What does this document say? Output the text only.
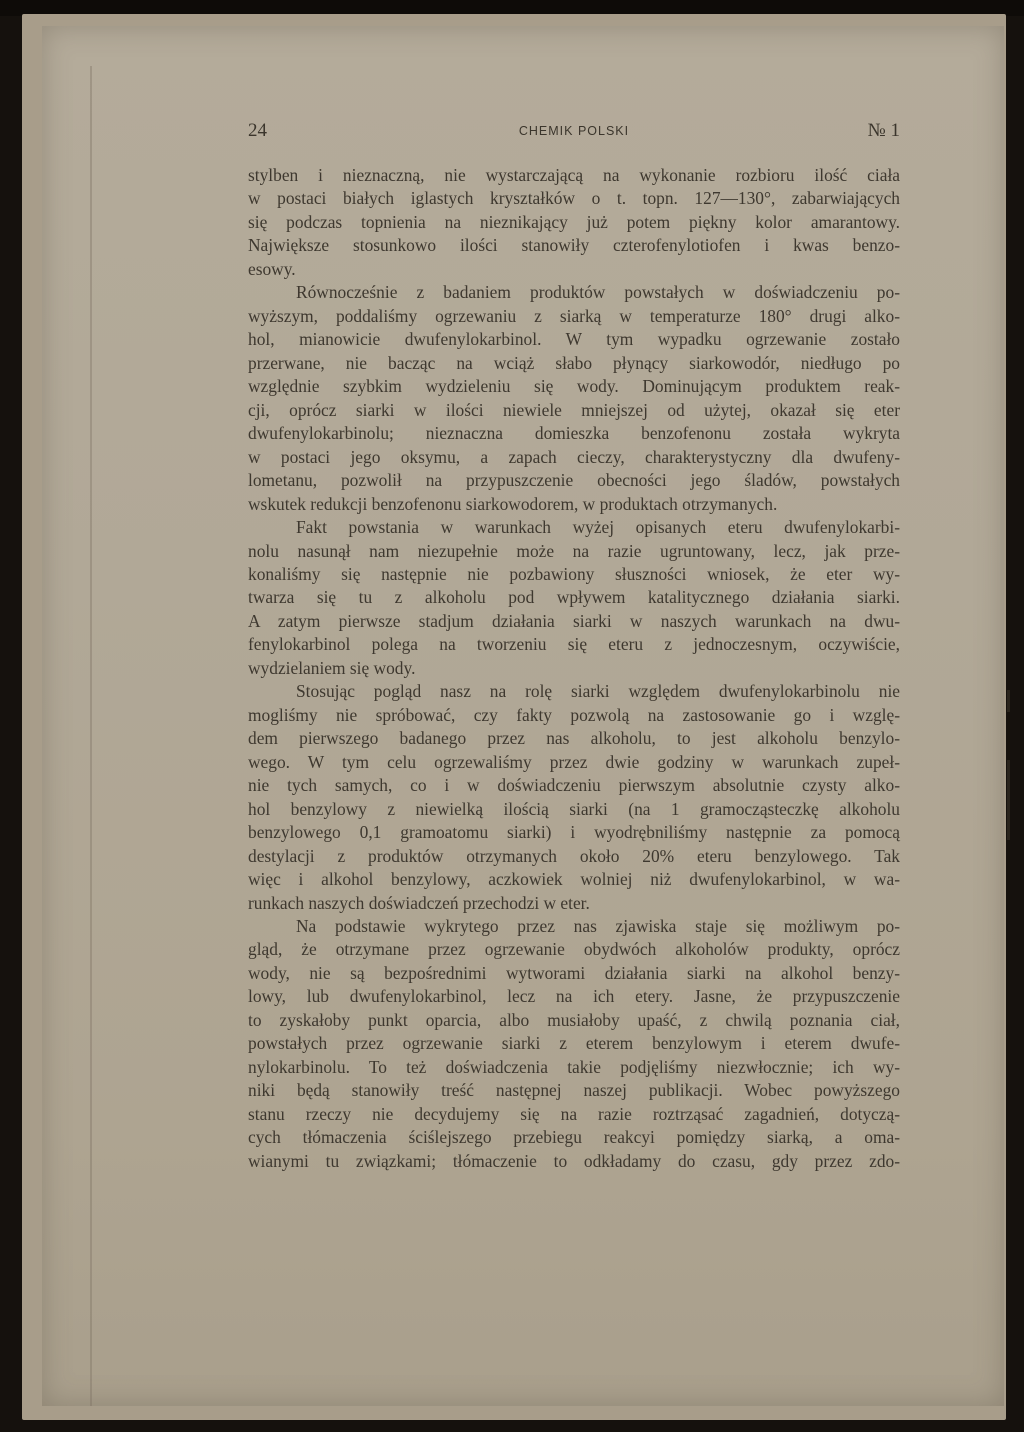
24	CHEMIK POLSKI	№ 1
stylben i nieznaczną, nie wystarczającą na wykonanie rozbioru ilość ciała
w postaci białych iglastych kryształków o t. topn. 127—130°, zabarwiających
się podczas topnienia na nieznikający już potem piękny kolor amarantowy.
Największe stosunkowo ilości stanowiły czterofenylotiofen i kwas benzo-
esowy.
Równocześnie z badaniem produktów powstałych w doświadczeniu po-
wyższym, poddaliśmy ogrzewaniu z siarką w temperaturze 180° drugi alko-
hol, mianowicie dwufenylokarbinol. W tym wypadku ogrzewanie zostało
przerwane, nie bacząc na wciąż słabo płynący siarkowodór, niedługo po
względnie szybkim wydzieleniu się wody. Dominującym produktem reak-
cji, oprócz siarki w ilości niewiele mniejszej od użytej, okazał się eter
dwufenylokarbinolu; nieznaczna domieszka benzofenonu została wykryta
w postaci jego oksymu, a zapach cieczy, charakterystyczny dla dwufeny-
lometanu, pozwolił na przypuszczenie obecności jego śladów, powstałych
wskutek redukcji benzofenonu siarkowodorem, w produktach otrzymanych.
Fakt powstania w warunkach wyżej opisanych eteru dwufenylokarbi-
nolu nasunął nam niezupełnie może na razie ugruntowany, lecz, jak prze-
konaliśmy się następnie nie pozbawiony słuszności wniosek, że eter wy-
twarza się tu z alkoholu pod wpływem katalitycznego działania siarki.
A zatym pierwsze stadjum działania siarki w naszych warunkach na dwu-
fenylokarbinol polega na tworzeniu się eteru z jednoczesnym, oczywiście,
wydzielaniem się wody.
Stosując pogląd nasz na rolę siarki względem dwufenylokarbinolu nie
mogliśmy nie spróbować, czy fakty pozwolą na zastosowanie go i wzglę-
dem pierwszego badanego przez nas alkoholu, to jest alkoholu benzylo-
wego. W tym celu ogrzewaliśmy przez dwie godziny w warunkach zupeł-
nie tych samych, co i w doświadczeniu pierwszym absolutnie czysty alko-
hol benzylowy z niewielką ilością siarki (na 1 gramocząsteczkę alkoholu
benzylowego 0,1 gramoatomu siarki) i wyodrębniliśmy następnie za pomocą
destylacji z produktów otrzymanych około 20% eteru benzylowego. Tak
więc i alkohol benzylowy, aczkowiek wolniej niż dwufenylokarbinol, w wa-
runkach naszych doświadczeń przechodzi w eter.
Na podstawie wykrytego przez nas zjawiska staje się możliwym po-
gląd, że otrzymane przez ogrzewanie obydwóch alkoholów produkty, oprócz
wody, nie są bezpośrednimi wytworami działania siarki na alkohol benzy-
lowy, lub dwufenylokarbinol, lecz na ich etery. Jasne, że przypuszczenie
to zyskałoby punkt oparcia, albo musiałoby upaść, z chwilą poznania ciał,
powstałych przez ogrzewanie siarki z eterem benzylowym i eterem dwufe-
nylokarbinolu. To też doświadczenia takie podjęliśmy niezwłocznie; ich wy-
niki będą stanowiły treść następnej naszej publikacji. Wobec powyższego
stanu rzeczy nie decydujemy się na razie roztrząsać zagadnień, dotyczą-
cych tłómaczenia ściślejszego przebiegu reakcyi pomiędzy siarką, a oma-
wianymi tu związkami; tłómaczenie to odkładamy do czasu, gdy przez zdo-
